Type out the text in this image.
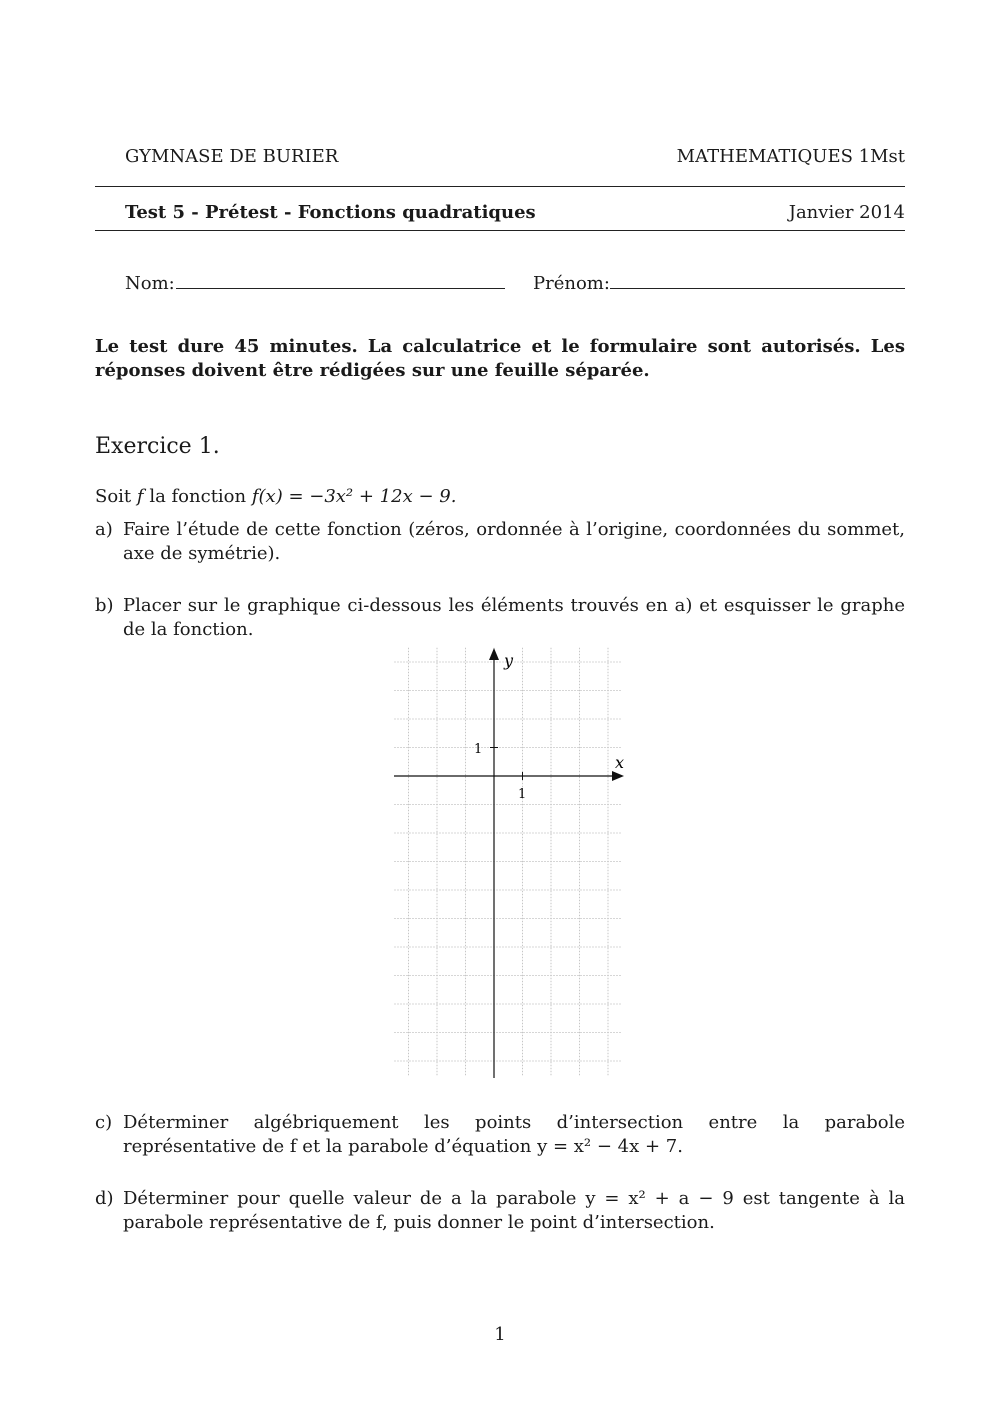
GYMNASE DE BURIER	MATHEMATIQUES 1Mst
Test 5 - Prétest - Fonctions quadratiques	Janvier 2014
Nom:	Prénom:
Le test dure 45 minutes. La calculatrice et le formulaire sont autorisés. Les réponses doivent être rédigées sur une feuille séparée.
Exercice 1.
Soit f la fonction f(x) = −3x² + 12x − 9.
a) Faire l’étude de cette fonction (zéros, ordonnée à l’origine, coordonnées du sommet, axe de symétrie).
b) Placer sur le graphique ci-dessous les éléments trouvés en a) et esquisser le graphe de la fonction.
1
1
x
y
c) Déterminer algébriquement les points d’intersection entre la parabole représentative de f et la parabole d’équation y = x² − 4x + 7.
d) Déterminer pour quelle valeur de a la parabole y = x² + a − 9 est tangente à la parabole représentative de f, puis donner le point d’intersection.
1
